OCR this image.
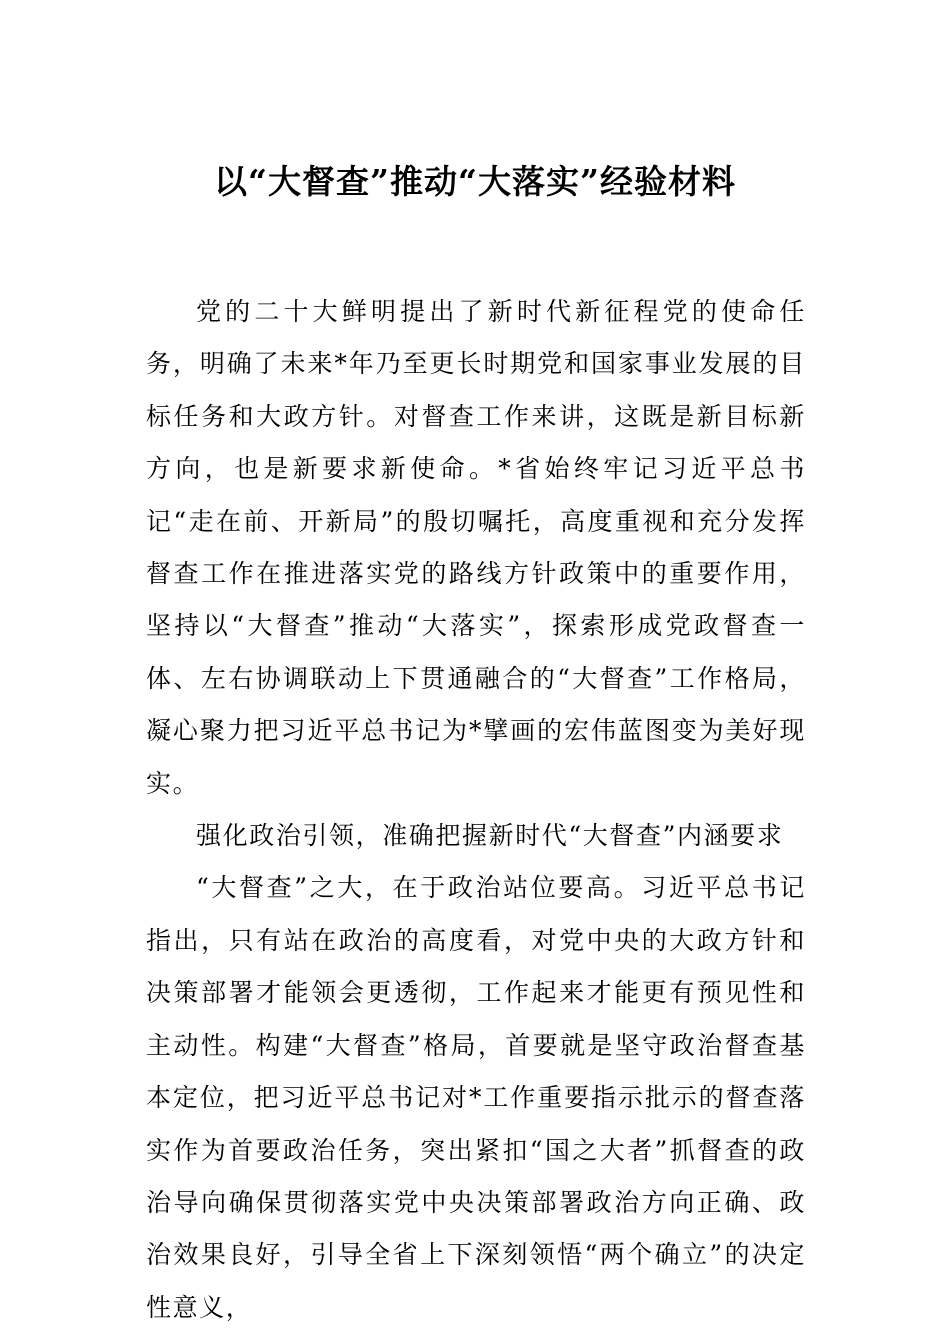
以“大督查”推动“大落实”经验材料

党的二十大鲜明提出了新时代新征程党的使命任务，明确了未来*年乃至更长时期党和国家事业发展的目标任务和大政方针。对督查工作来讲，这既是新目标新方向，也是新要求新使命。*省始终牢记习近平总书记“走在前、开新局”的殷切嘱托，高度重视和充分发挥督查工作在推进落实党的路线方针政策中的重要作用，坚持以“大督查”推动“大落实”，探索形成党政督查一体、左右协调联动上下贯通融合的“大督查”工作格局，凝心聚力把习近平总书记为*擘画的宏伟蓝图变为美好现实。

强化政治引领，准确把握新时代“大督查”内涵要求

“大督查”之大，在于政治站位要高。习近平总书记指出，只有站在政治的高度看，对党中央的大政方针和决策部署才能领会更透彻，工作起来才能更有预见性和主动性。构建“大督查”格局，首要就是坚守政治督查基本定位，把习近平总书记对*工作重要指示批示的督查落实作为首要政治任务，突出紧扣“国之大者”抓督查的政治导向确保贯彻落实党中央决策部署政治方向正确、政治效果良好，引导全省上下深刻领悟“两个确立”的决定性意义，
